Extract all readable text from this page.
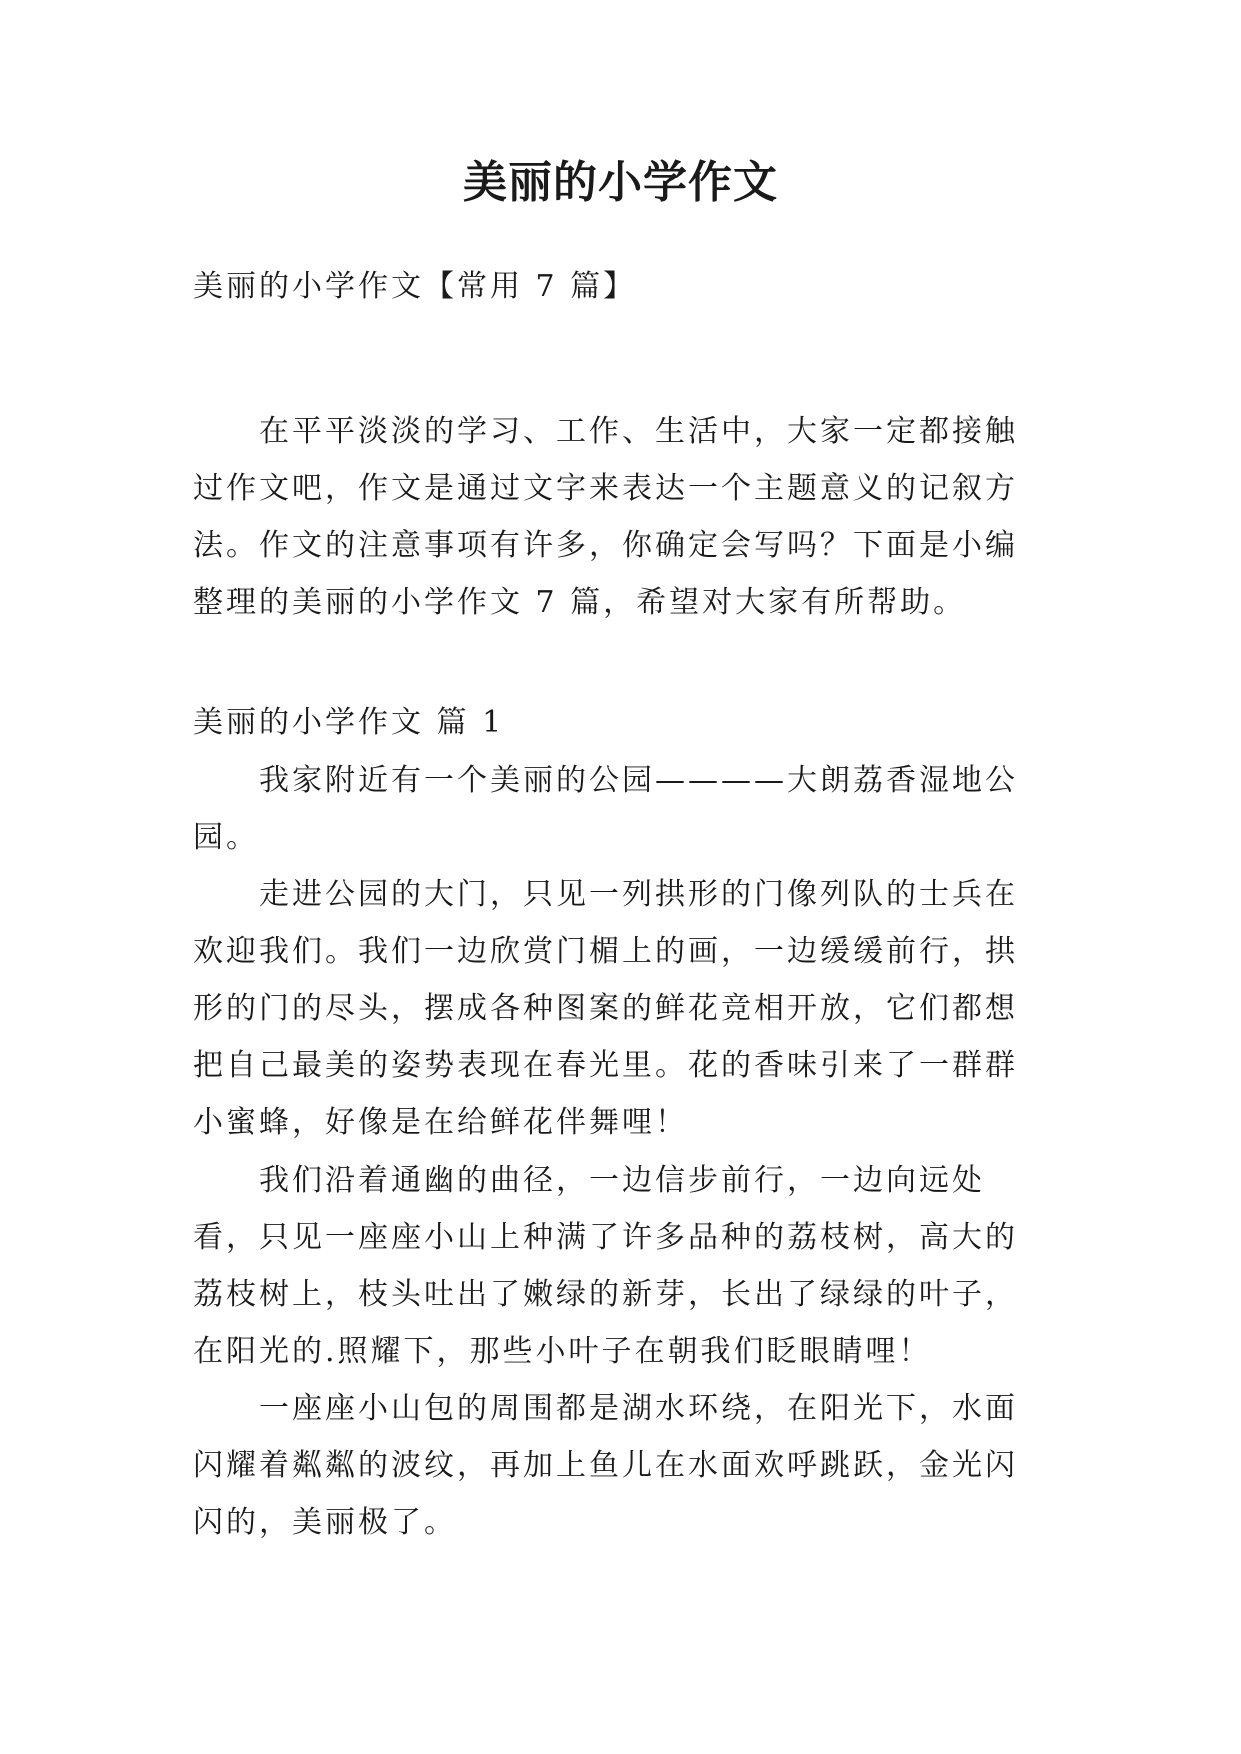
美丽的小学作文

美丽的小学作文【常用 7 篇】

在平平淡淡的学习、工作、生活中，大家一定都接触过作文吧，作文是通过文字来表达一个主题意义的记叙方法。作文的注意事项有许多，你确定会写吗？下面是小编整理的美丽的小学作文 7 篇，希望对大家有所帮助。

美丽的小学作文 篇 1

我家附近有一个美丽的公园————大朗荔香湿地公园。

走进公园的大门，只见一列拱形的门像列队的士兵在欢迎我们。我们一边欣赏门楣上的画，一边缓缓前行，拱形的门的尽头，摆成各种图案的鲜花竞相开放，它们都想把自己最美的姿势表现在春光里。花的香味引来了一群群小蜜蜂，好像是在给鲜花伴舞哩！

我们沿着通幽的曲径，一边信步前行，一边向远处看，只见一座座小山上种满了许多品种的荔枝树，高大的荔枝树上，枝头吐出了嫩绿的新芽，长出了绿绿的叶子，在阳光的.照耀下，那些小叶子在朝我们眨眼睛哩！

一座座小山包的周围都是湖水环绕，在阳光下，水面闪耀着粼粼的波纹，再加上鱼儿在水面欢呼跳跃，金光闪闪的，美丽极了。
